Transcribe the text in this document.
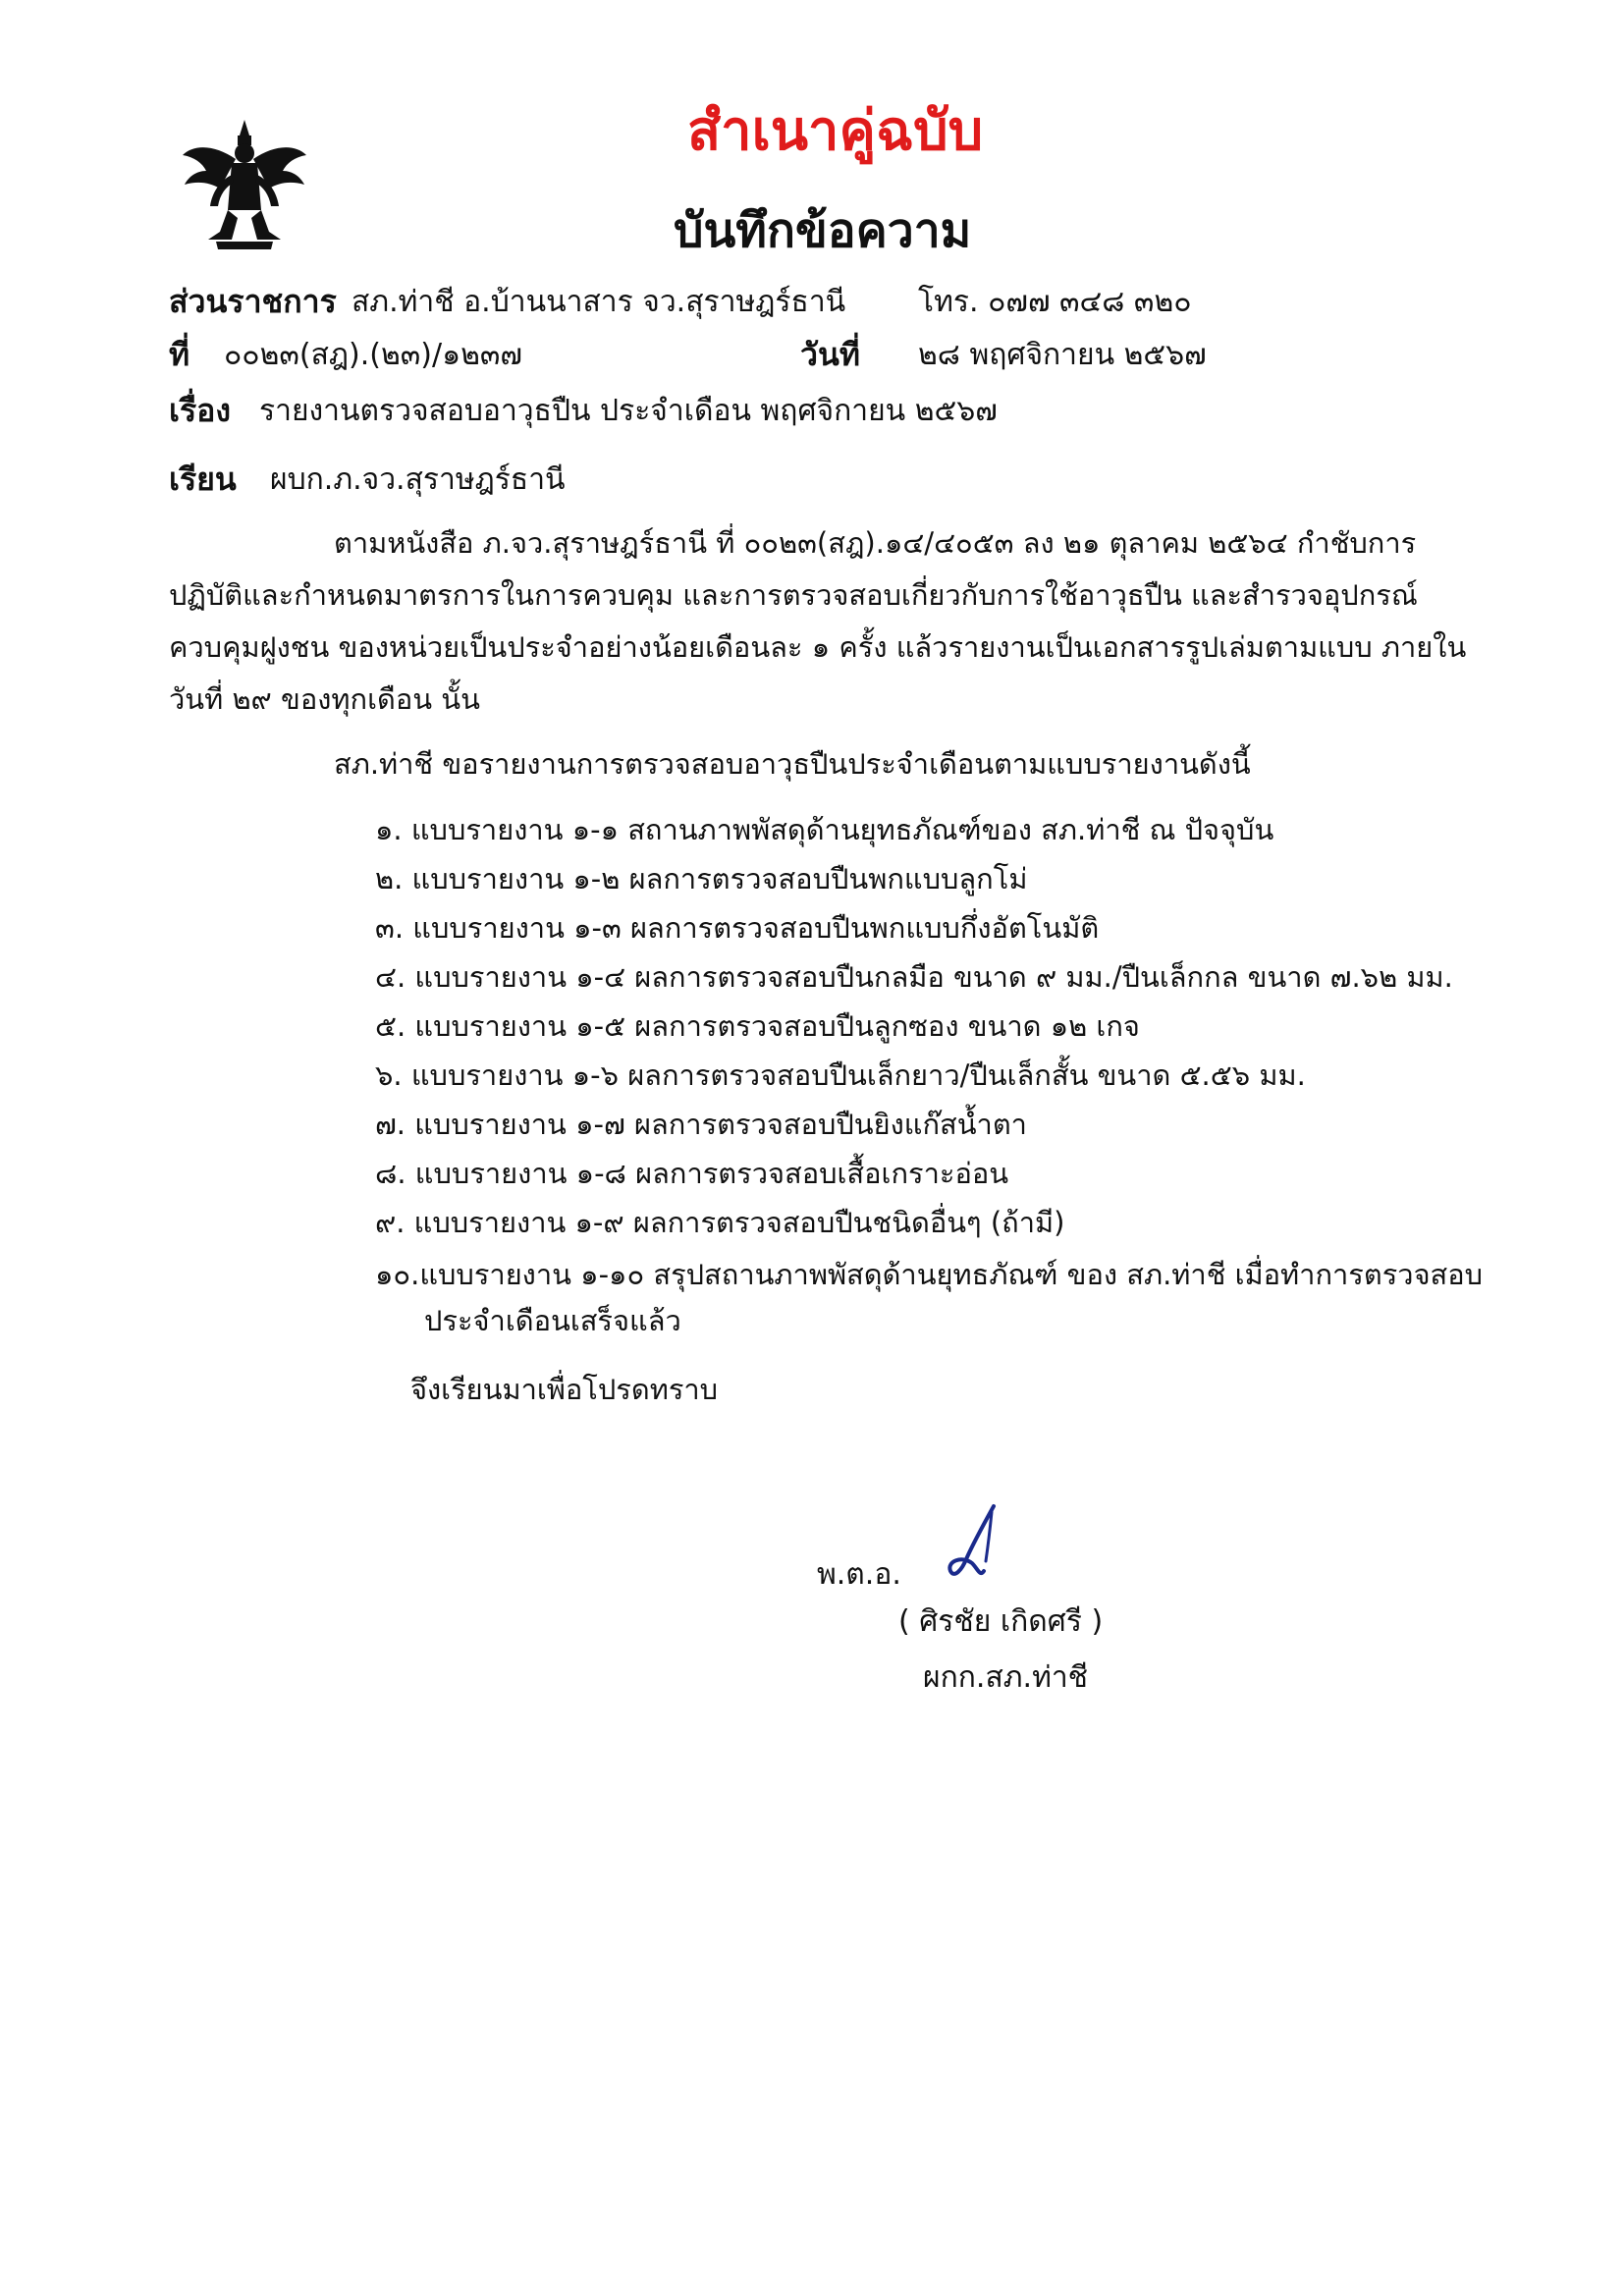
สำเนาคู่ฉบับ
บันทึกข้อความ
ส่วนราชการ สภ.ท่าชี อ.บ้านนาสาร จว.สุราษฎร์ธานี โทร. ๐๗๗ ๓๔๘ ๓๒๐
ที่ ๐๐๒๓(สฎ).(๒๓)/๑๒๓๗	วันที่ ๒๘ พฤศจิกายน ๒๕๖๗
เรื่อง รายงานตรวจสอบอาวุธปืน ประจำเดือน พฤศจิกายน ๒๕๖๗
เรียน ผบก.ภ.จว.สุราษฎร์ธานี
ตามหนังสือ ภ.จว.สุราษฎร์ธานี ที่ ๐๐๒๓(สฎ).๑๔/๔๐๕๓ ลง ๒๑ ตุลาคม ๒๕๖๔ กำชับการ
ปฏิบัติและกำหนดมาตรการในการควบคุม และการตรวจสอบเกี่ยวกับการใช้อาวุธปืน และสำรวจอุปกรณ์
ควบคุมฝูงชน ของหน่วยเป็นประจำอย่างน้อยเดือนละ ๑ ครั้ง แล้วรายงานเป็นเอกสารรูปเล่มตามแบบ ภายใน
วันที่ ๒๙ ของทุกเดือน นั้น
สภ.ท่าชี ขอรายงานการตรวจสอบอาวุธปืนประจำเดือนตามแบบรายงานดังนี้
๑. แบบรายงาน ๑-๑ สถานภาพพัสดุด้านยุทธภัณฑ์ของ สภ.ท่าชี ณ ปัจจุบัน
๒. แบบรายงาน ๑-๒ ผลการตรวจสอบปืนพกแบบลูกโม่
๓. แบบรายงาน ๑-๓ ผลการตรวจสอบปืนพกแบบกึ่งอัตโนมัติ
๔. แบบรายงาน ๑-๔ ผลการตรวจสอบปืนกลมือ ขนาด ๙ มม./ปืนเล็กกล ขนาด ๗.๖๒ มม.
๕. แบบรายงาน ๑-๕ ผลการตรวจสอบปืนลูกซอง ขนาด ๑๒ เกจ
๖. แบบรายงาน ๑-๖ ผลการตรวจสอบปืนเล็กยาว/ปืนเล็กสั้น ขนาด ๕.๕๖ มม.
๗. แบบรายงาน ๑-๗ ผลการตรวจสอบปืนยิงแก๊สน้ำตา
๘. แบบรายงาน ๑-๘ ผลการตรวจสอบเสื้อเกราะอ่อน
๙. แบบรายงาน ๑-๙ ผลการตรวจสอบปืนชนิดอื่นๆ (ถ้ามี)
๑๐.แบบรายงาน ๑-๑๐ สรุปสถานภาพพัสดุด้านยุทธภัณฑ์ ของ สภ.ท่าชี เมื่อทำการตรวจสอบ
ประจำเดือนเสร็จแล้ว
จึงเรียนมาเพื่อโปรดทราบ
พ.ต.อ.
( ศิรชัย เกิดศรี )
ผกก.สภ.ท่าชี
